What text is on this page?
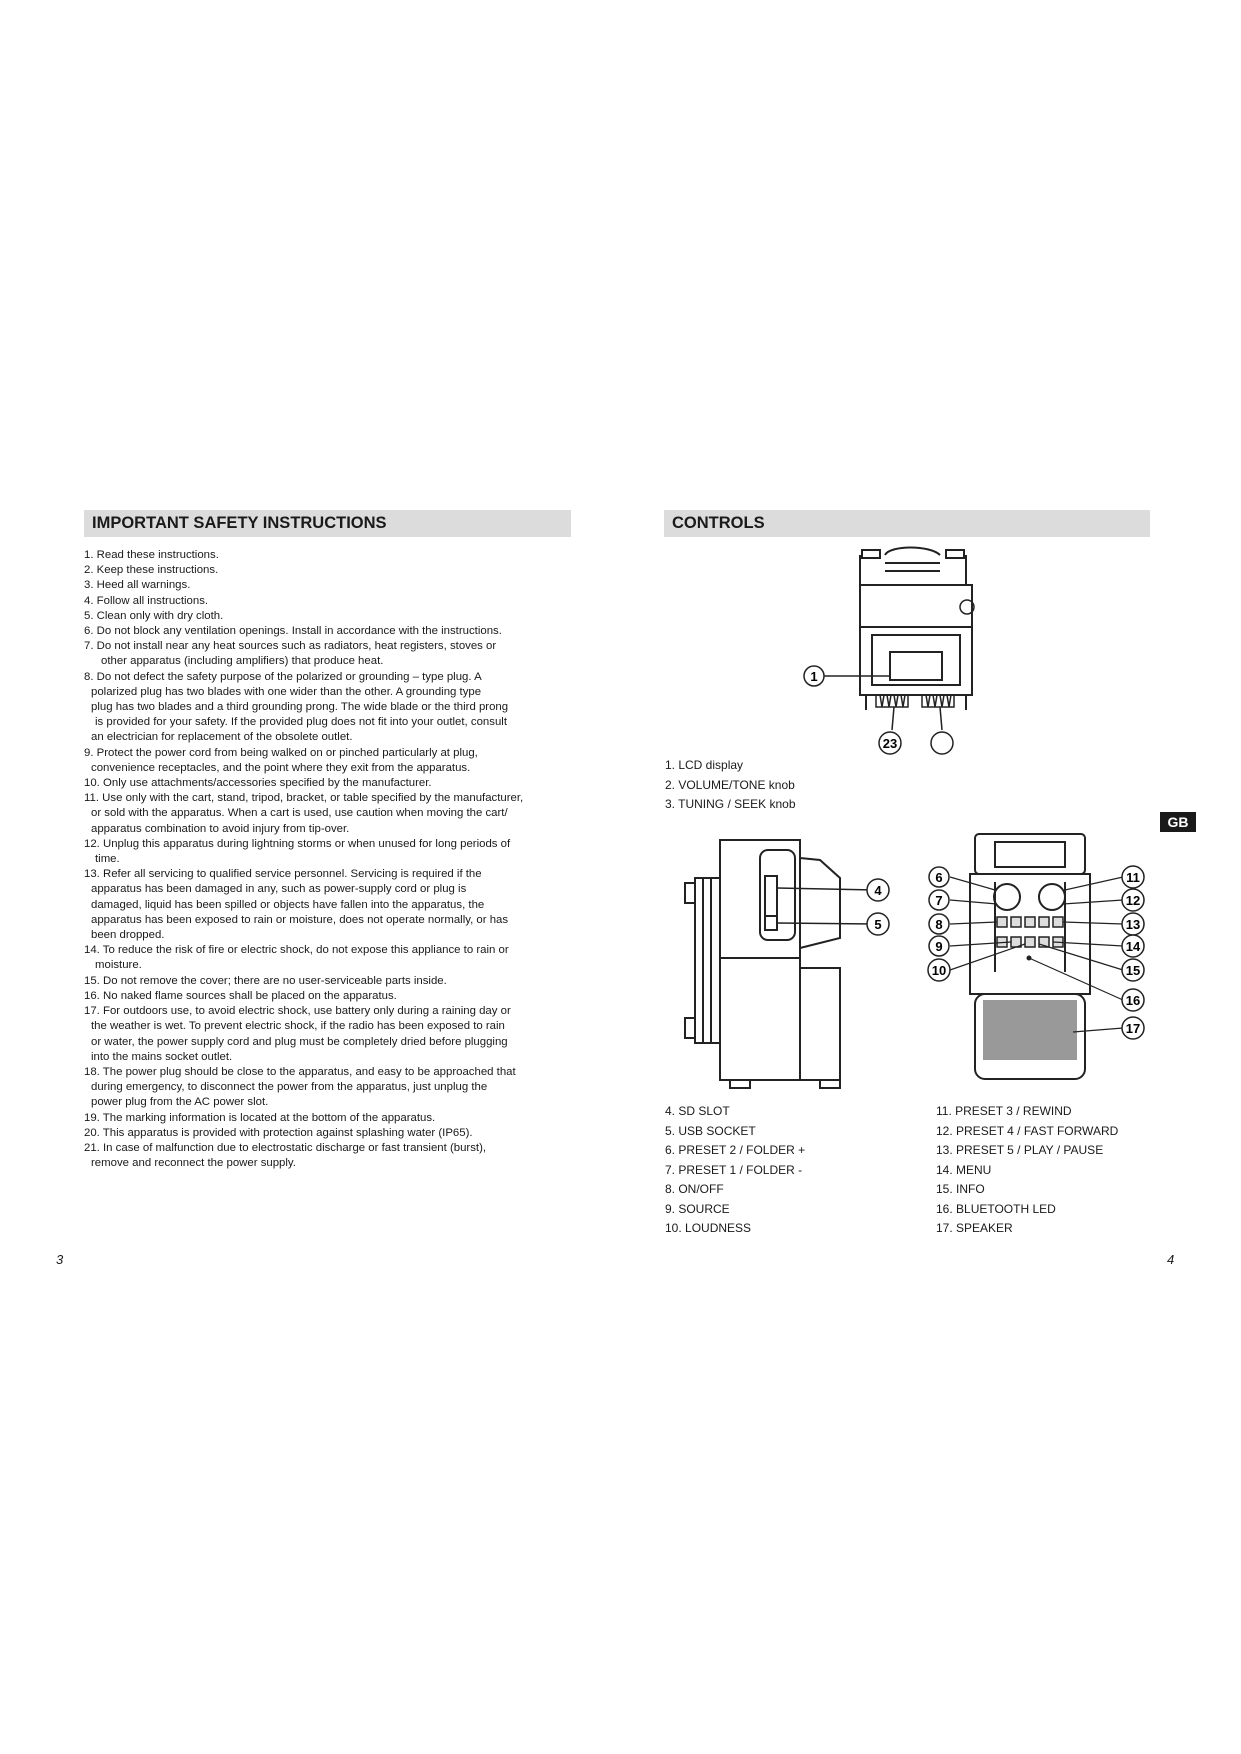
IMPORTANT SAFETY INSTRUCTIONS

1. Read these instructions.

2. Keep these instructions.

3. Heed all warnings.

4. Follow all instructions.

5. Clean only with dry cloth.

6. Do not block any ventilation openings. Install in accordance with the instructions.

7. Do not install near any heat sources such as radiators, heat registers, stoves or

other apparatus (including amplifiers) that produce heat.

8. Do not defect the safety purpose of the polarized or grounding – type plug. A

polarized plug has two blades with one wider than the other. A grounding type

plug has two blades and a third grounding prong. The wide blade or the third prong

is provided for your safety. If the provided plug does not fit into your outlet, consult

an electrician for replacement of the obsolete outlet.

9. Protect the power cord from being walked on or pinched particularly at plug,

convenience receptacles, and the point where they exit from the apparatus.

10. Only use attachments/accessories specified by the manufacturer.

11. Use only with the cart, stand, tripod, bracket, or table specified by the manufacturer,

or sold with the apparatus. When a cart is used, use caution when moving the cart/

apparatus combination to avoid injury from tip-over.

12. Unplug this apparatus during lightning storms or when unused for long periods of

time.

13. Refer all servicing to qualified service personnel. Servicing is required if the

apparatus has been damaged in any, such as power-supply cord or plug is

damaged, liquid has been spilled or objects have fallen into the apparatus, the

apparatus has been exposed to rain or moisture, does not operate normally, or has

been dropped.

14. To reduce the risk of fire or electric shock, do not expose this appliance to rain or

moisture.

15. Do not remove the cover; there are no user-serviceable parts inside.

16. No naked flame sources shall be placed on the apparatus.

17. For outdoors use, to avoid electric shock, use battery only during a raining day or

the weather is wet. To prevent electric shock, if the radio has been exposed to rain

or water, the power supply cord and plug must be completely dried before plugging

into the mains socket outlet.

18. The power plug should be close to the apparatus, and easy to be approached that

during emergency, to disconnect the power from the apparatus, just unplug the

power plug from the AC power slot.

19. The marking information is located at the bottom of the apparatus.

20. This apparatus is provided with protection against splashing water (IP65).

21. In case of malfunction due to electrostatic discharge or fast transient (burst),

remove and reconnect the power supply.

3
CONTROLS
1
23

1. LCD display

2. VOLUME/TONE knob

3. TUNING / SEEK knob

4
5
6
7
8
9
10
11
12
13
14
15
16
17

4. SD SLOT

5. USB SOCKET

6. PRESET 2 / FOLDER +

7. PRESET 1 / FOLDER -

8. ON/OFF

9. SOURCE

10. LOUDNESS

11. PRESET 3 / REWIND

12. PRESET 4 / FAST FORWARD

13. PRESET 5 / PLAY / PAUSE

14. MENU

15. INFO

16. BLUETOOTH LED

17. SPEAKER

GB
4
